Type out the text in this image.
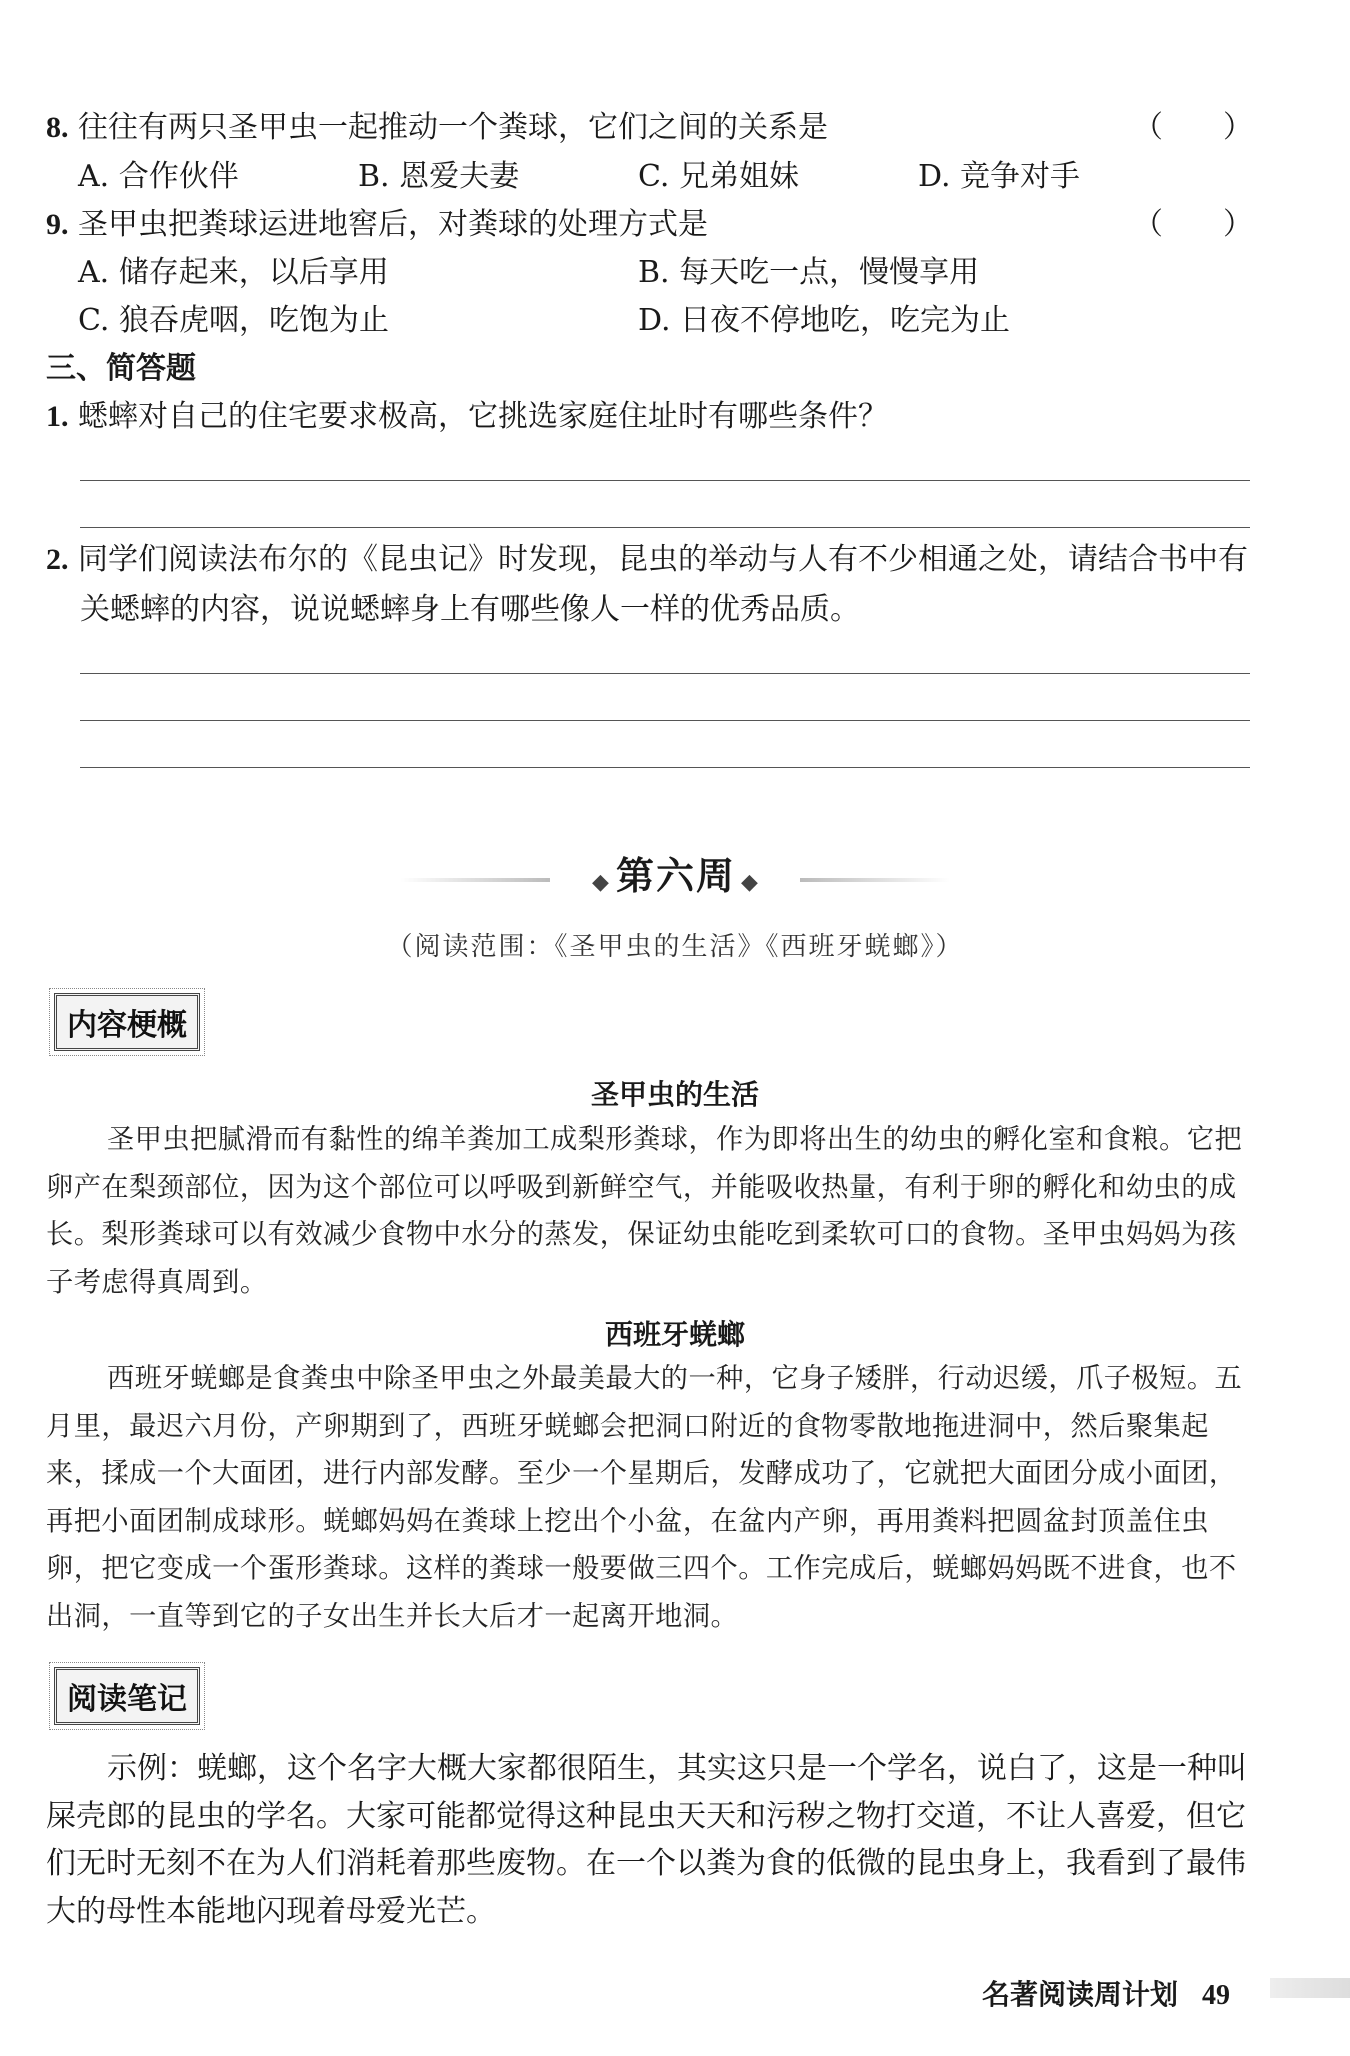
8. 往往有两只圣甲虫一起推动一个粪球，它们之间的关系是	（　　）
A. 合作伙伴	B. 恩爱夫妻	C. 兄弟姐妹	D. 竞争对手
9. 圣甲虫把粪球运进地窖后，对粪球的处理方式是	（　　）
A. 储存起来，以后享用	B. 每天吃一点，慢慢享用
C. 狼吞虎咽，吃饱为止	D. 日夜不停地吃，吃完为止
三、简答题
1. 蟋蟀对自己的住宅要求极高，它挑选家庭住址时有哪些条件？
2. 同学们阅读法布尔的《昆虫记》时发现，昆虫的举动与人有不少相通之处，请结合书中有
关蟋蟀的内容，说说蟋蟀身上有哪些像人一样的优秀品质。
◆ 第六周 ◆
（阅读范围：《圣甲虫的生活》《西班牙蜣螂》）
内容梗概
圣甲虫的生活
圣甲虫把腻滑而有黏性的绵羊粪加工成梨形粪球，作为即将出生的幼虫的孵化室和食粮。它把卵产在梨颈部位，因为这个部位可以呼吸到新鲜空气，并能吸收热量，有利于卵的孵化和幼虫的成长。梨形粪球可以有效减少食物中水分的蒸发，保证幼虫能吃到柔软可口的食物。圣甲虫妈妈为孩子考虑得真周到。
西班牙蜣螂
西班牙蜣螂是食粪虫中除圣甲虫之外最美最大的一种，它身子矮胖，行动迟缓，爪子极短。五月里，最迟六月份，产卵期到了，西班牙蜣螂会把洞口附近的食物零散地拖进洞中，然后聚集起来，揉成一个大面团，进行内部发酵。至少一个星期后，发酵成功了，它就把大面团分成小面团，再把小面团制成球形。蜣螂妈妈在粪球上挖出个小盆，在盆内产卵，再用粪料把圆盆封顶盖住虫卵，把它变成一个蛋形粪球。这样的粪球一般要做三四个。工作完成后，蜣螂妈妈既不进食，也不出洞，一直等到它的子女出生并长大后才一起离开地洞。
阅读笔记
示例：蜣螂，这个名字大概大家都很陌生，其实这只是一个学名，说白了，这是一种叫屎壳郎的昆虫的学名。大家可能都觉得这种昆虫天天和污秽之物打交道，不让人喜爱，但它们无时无刻不在为人们消耗着那些废物。在一个以粪为食的低微的昆虫身上，我看到了最伟大的母性本能地闪现着母爱光芒。
名著阅读周计划 49
